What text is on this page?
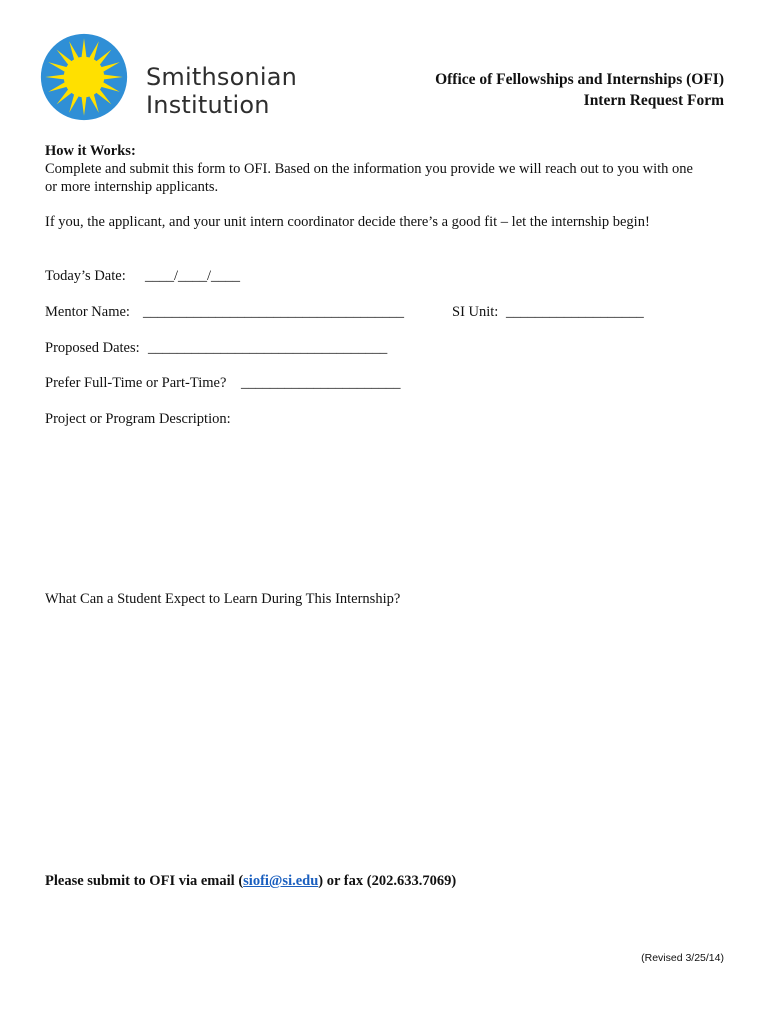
Smithsonian
Institution
Office of Fellowships and Internships (OFI)
Intern Request Form
How it Works:
Complete and submit this form to OFI. Based on the information you provide we will reach out to you with one
or more internship applicants.
If you, the applicant, and your unit intern coordinator decide there’s a good fit – let the internship begin!
Today’s Date: ____/____/____
Mentor Name: ____________________________________	SI Unit: ___________________
Proposed Dates: _________________________________
Prefer Full-Time or Part-Time? ______________________
Project or Program Description:
What Can a Student Expect to Learn During This Internship?
Please submit to OFI via email (siofi@si.edu) or fax (202.633.7069)
(Revised 3/25/14)
